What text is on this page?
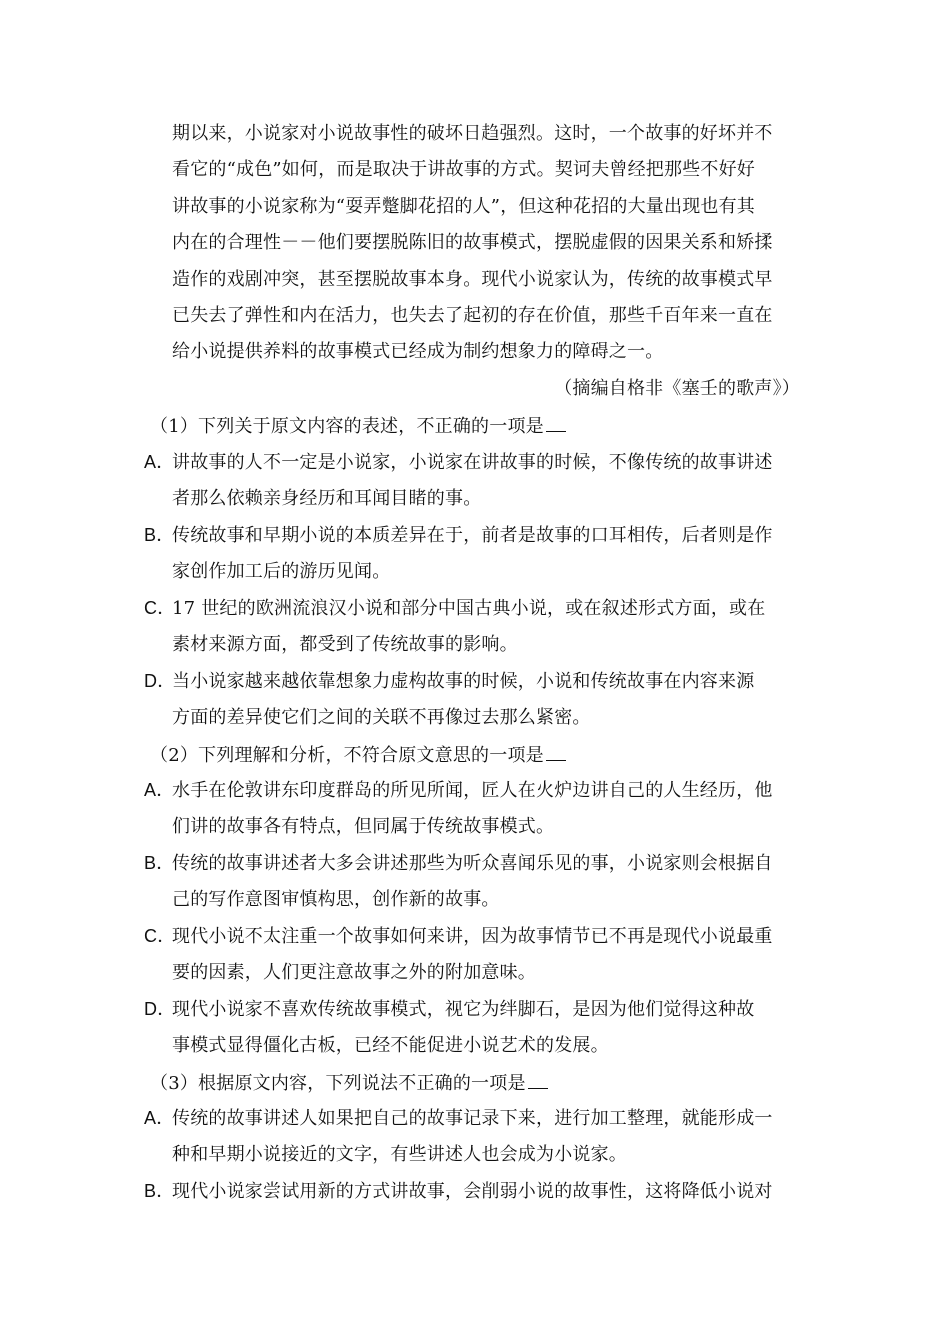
期以来，小说家对小说故事性的破坏日趋强烈。这时，一个故事的好坏并不
看它的“成色”如何，而是取决于讲故事的方式。契诃夫曾经把那些不好好
讲故事的小说家称为“耍弄蹩脚花招的人”，但这种花招的大量出现也有其
内在的合理性－－他们要摆脱陈旧的故事模式，摆脱虚假的因果关系和矫揉
造作的戏剧冲突，甚至摆脱故事本身。现代小说家认为，传统的故事模式早
已失去了弹性和内在活力，也失去了起初的存在价值，那些千百年来一直在
给小说提供养料的故事模式已经成为制约想象力的障碍之一。
（摘编自格非《塞壬的歌声》）
（1）下列关于原文内容的表述，不正确的一项是
A．讲故事的人不一定是小说家，小说家在讲故事的时候，不像传统的故事讲述
者那么依赖亲身经历和耳闻目睹的事。
B．传统故事和早期小说的本质差异在于，前者是故事的口耳相传，后者则是作
家创作加工后的游历见闻。
C．17 世纪的欧洲流浪汉小说和部分中国古典小说，或在叙述形式方面，或在
素材来源方面，都受到了传统故事的影响。
D．当小说家越来越依靠想象力虚构故事的时候，小说和传统故事在内容来源
方面的差异使它们之间的关联不再像过去那么紧密。
（2）下列理解和分析，不符合原文意思的一项是
A．水手在伦敦讲东印度群岛的所见所闻，匠人在火炉边讲自己的人生经历，他
们讲的故事各有特点，但同属于传统故事模式。
B．传统的故事讲述者大多会讲述那些为听众喜闻乐见的事，小说家则会根据自
己的写作意图审慎构思，创作新的故事。
C．现代小说不太注重一个故事如何来讲，因为故事情节已不再是现代小说最重
要的因素，人们更注意故事之外的附加意味。
D．现代小说家不喜欢传统故事模式，视它为绊脚石，是因为他们觉得这种故
事模式显得僵化古板，已经不能促进小说艺术的发展。
（3）根据原文内容，下列说法不正确的一项是
A．传统的故事讲述人如果把自己的故事记录下来，进行加工整理，就能形成一
种和早期小说接近的文字，有些讲述人也会成为小说家。
B．现代小说家尝试用新的方式讲故事，会削弱小说的故事性，这将降低小说对
